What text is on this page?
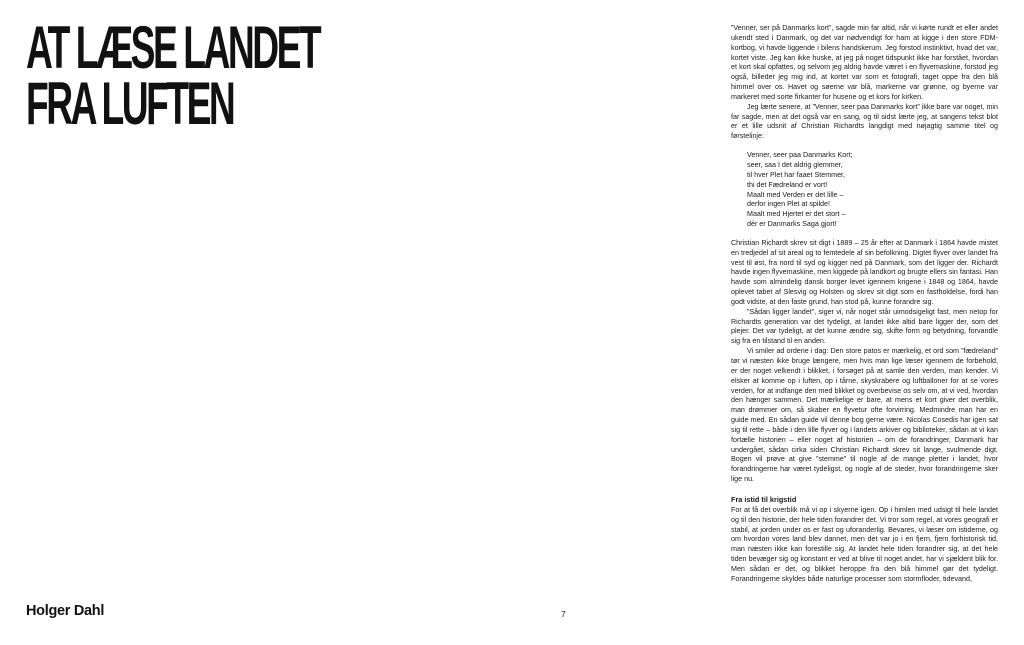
AT LÆSE LANDET
FRA LUFTEN
Holger Dahl	7

”Venner, ser på Danmarks kort”, sagde min far altid, når vi kørte rundt et eller andet ukendt sted i Danmark, og det var nødvendigt for ham at kigge i den store FDM-kortbog, vi havde liggende i bilens handskerum. Jeg forstod instinktivt, hvad det var, kortet viste. Jeg kan ikke huske, at jeg på noget tidspunkt ikke har forstået, hvordan et kort skal opfattes, og selvom jeg aldrig havde været i en flyvemaskine, forstod jeg også, billeder jeg mig ind, at kortet var som et fotografi, taget oppe fra den blå himmel over os. Havet og søerne var blå, markerne var grønne, og byerne var markeret med sorte firkanter for husene og et kors for kirken.

Jeg lærte senere, at ”Venner, seer paa Danmarks kort” ikke bare var noget, min far sagde, men at det også var en sang, og til sidst lærte jeg, at sangens tekst blot er et lille udsnit af Christian Richardts langdigt med nøjagtig samme titel og førstelinje:

Venner, seer paa Danmarks Kort;
seer, saa I det aldrig glemmer,
til hver Plet har faaet Stemmer,
thi det Fædreland er vort!
Maalt med Verden er det lille –
derfor ingen Plet at spilde!
Maalt med Hjertet er det stort –
dér er Danmarks Saga gjort!

Christian Richardt skrev sit digt i 1889 – 25 år efter at Danmark i 1864 havde mistet en tredjedel af sit areal og to femtedele af sin befolkning. Digtet flyver over landet fra vest til øst, fra nord til syd og kigger ned på Danmark, som det ligger der. Richardt havde ingen flyvemaskine, men kiggede på landkort og brugte ellers sin fantasi. Han havde som almindelig dansk borger levet igennem krigene i 1848 og 1864, havde oplevet tabet af Slesvig og Holsten og skrev sit digt som en fastholdelse, fordi han godt vidste, at den faste grund, han stod på, kunne forandre sig.

”Sådan ligger landet”, siger vi, når noget står uimodsigeligt fast, men netop for Richardts generation var det tydeligt, at landet ikke altid bare ligger der, som det plejer. Det var tydeligt, at det kunne ændre sig, skifte form og betydning, forvandle sig fra en tilstand til en anden.

Vi smiler ad ordene i dag: Den store patos er mærkelig, et ord som ”fædreland” tør vi næsten ikke bruge længere, men hvis man lige læser igennem de forbehold, er der noget velkendt i blikket, i forsøget på at samle den verden, man kender. Vi elsker at komme op i luften, op i tårne, skyskrabere og luftballoner for at se vores verden, for at indfange den med blikket og overbevise os selv om, at vi ved, hvordan den hænger sammen. Det mærkelige er bare, at mens et kort giver det overblik, man drømmer om, så skaber en flyvetur ofte forvirring. Medmindre man har en guide med. En sådan guide vil denne bog gerne være. Nicolas Cosedis har igen sat sig til rette – både i den lille flyver og i landets arkiver og biblioteker, sådan at vi kan fortælle historien – eller noget af historien – om de forandringer, Danmark har undergået, sådan cirka siden Christian Richardt skrev sit lange, svulmende digt. Bogen vil prøve at give ”stemme” til nogle af de mange pletter i landet, hvor forandringerne har været tydeligst, og nogle af de steder, hvor forandringerne sker lige nu.

Fra istid til krigstid

For at få det overblik må vi op i skyerne igen. Op i himlen med udsigt til hele landet og til den historie, der hele tiden forandrer det. Vi tror som regel, at vores geografi er stabil, at jorden under os er fast og uforanderlig. Bevares, vi læser om istiderne, og om hvordan vores land blev dannet, men det var jo i en fjern, fjern forhistorisk tid, man næsten ikke kan forestille sig. At landet hele tiden forandrer sig, at det hele tiden bevæger sig og konstant er ved at blive til noget andet, har vi sjældent blik for. Men sådan er det, og blikket heroppe fra den blå himmel gør det tydeligt. Forandringerne skyldes både naturlige processer som stormfloder, tidevand,
